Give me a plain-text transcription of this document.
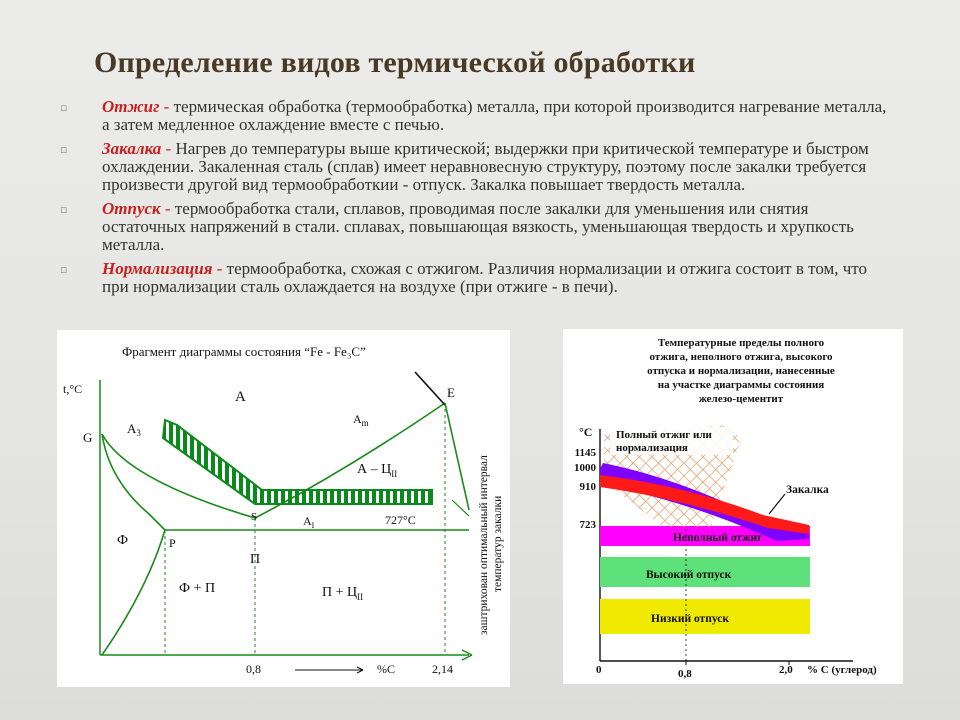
Определение видов термической обработки
▫ Отжиг - термическая обработка (термообработка) металла, при которой производится нагревание металла, а затем медленное охлаждение вместе с печью.
▫ Закалка - Нагрев до температуры выше критической; выдержки при критической температуре и быстром охлаждении. Закаленная сталь (сплав) имеет неравновесную структуру, поэтому после закалки требуется произвести другой вид термообработкии - отпуск. Закалка повышает твердость металла.
▫ Отпуск - термообработка стали, сплавов, проводимая после закалки для уменьшения или снятия остаточных напряжений в стали. сплавах, повышающая вязкость, уменьшающая твердость и хрупкость металла.
▫ Нормализация - термообработка, схожая с отжигом. Различия нормализации и отжига состоит в том, что при нормализации сталь охлаждается на воздухе (при отжиге - в печи).
Фрагмент диаграммы состояния “Fe - Fe₃C”
t,°C
G
E
S
P
$A_3$
$A_m$
$A_I$	727°С
A
Ф
П
Ф + П	$П + Ц_{II}$
А – $Ц_{II}$
0,8	2,14
%C
заштрихован оптимальный интервал температур закалки
Температурные пределы полного
отжига, неполного отжига, высокого
отпуска и нормализации, нанесенные
на участке диаграммы состояния
железо-цементит
°C
1145
1000
910
723
Неполный отжиг
Высокий отпуск
Низкий отпуск
Полный отжиг или
нормализация
Закалка
0	0,8	2,0 % С (углерод)
